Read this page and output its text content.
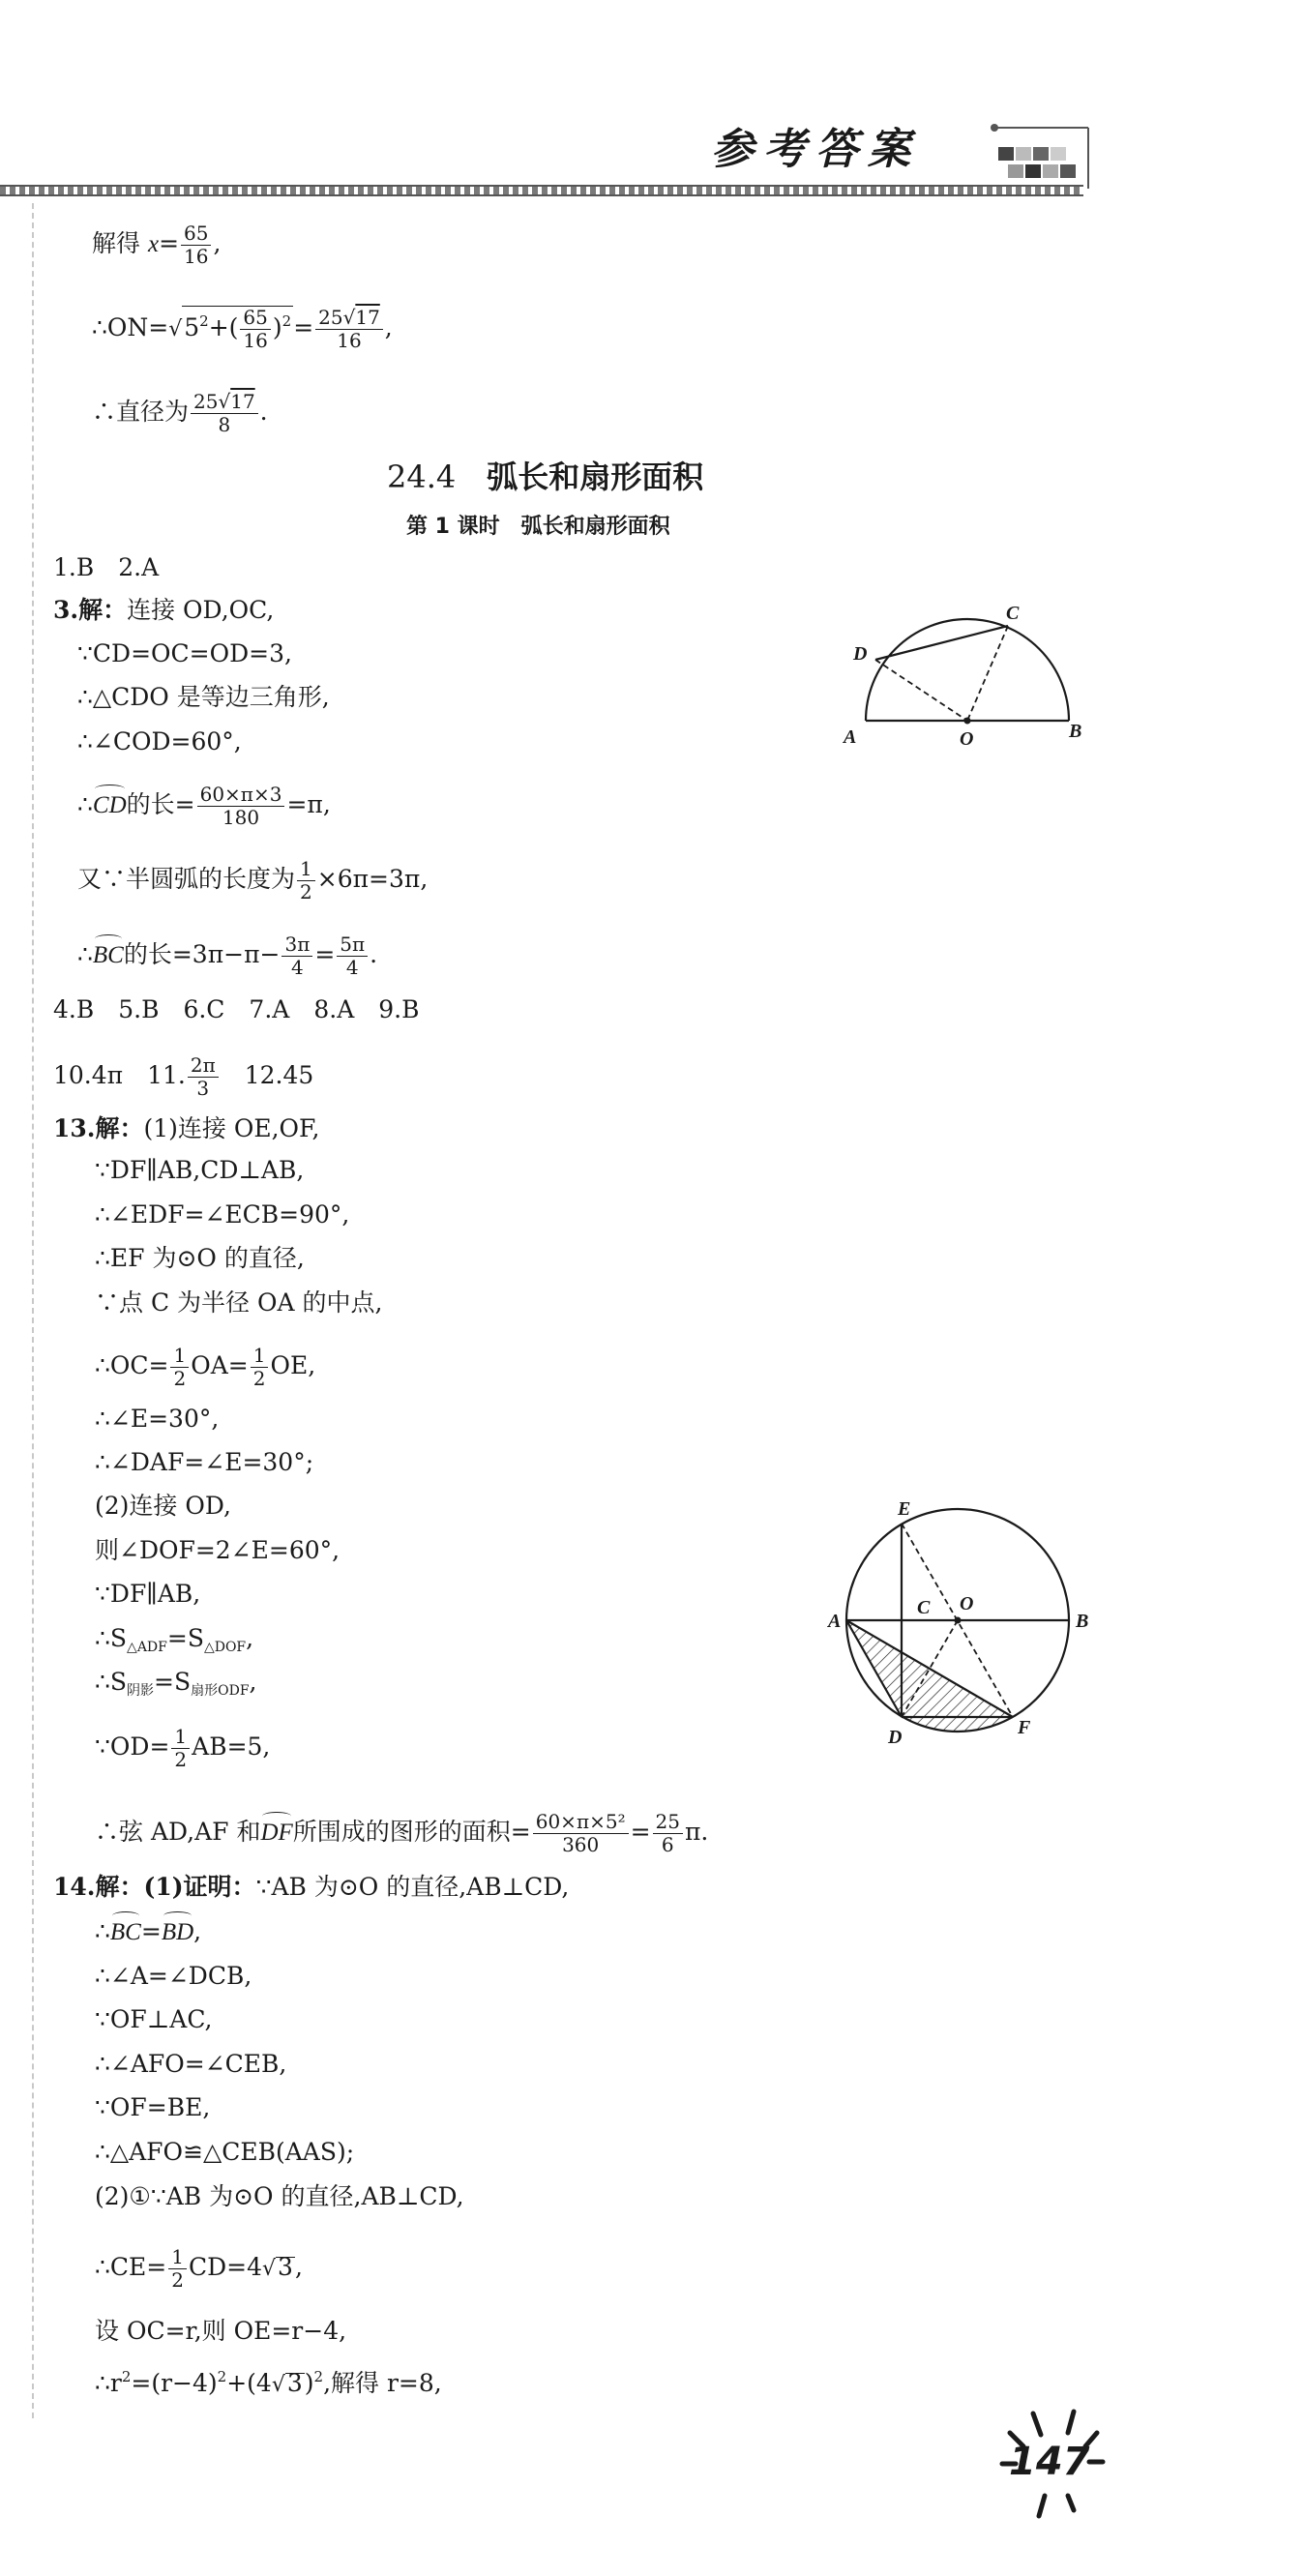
参考答案
解得 $x= \frac{65}{16}$ ,
$\therefore ON=√5^2+( \frac{65}{16} )^2= \frac{25√17}{16}$ ,
∴直径为 $\frac{25√17}{8}$ .
24.4　 弧长和扇形面积
第 1 课时　弧长和扇形面积
1.B　2.A
3.解：连接 OD,OC,
∵CD=OC=OD=3,
∴△CDO 是等边三角形,
∴∠COD=60°,
∴CD的长= $\frac{60\times\pi\times 3}{180} =\pi$,
又∵半圆弧的长度为 $\frac{1}{2} \times 6\pi=3\pi$,
∴BC的长$=3\pi-\pi- \frac{3\pi}{4} = \frac{5\pi}{4}$ .
C
D
A	O	B
4.B　5.B　6.C　7.A　8.A　9.B
10.4π　11. $\frac{2\pi}{3}$ 　12.45
13.解：(1)连接 OE,OF,
∵DF∥AB,CD⊥AB,
∴∠EDF=∠ECB=90°,
∴EF 为⊙O 的直径,
∵点 C 为半径 OA 的中点,
∴OC= $\frac{1}{2} OA= \frac{1}{2}$ OE,
∴∠E=30°,
∴∠DAF=∠E=30°;
(2)连接 OD,
则∠DOF=2∠E=60°,
∵DF∥AB,
$\therefore S_{\triangle ADF}=S_{\triangle DOF}$,
$\therefore S_{阴影}=S_{扇形ODF}$,
∵OD= $\frac{1}{2} AB=5$,
∴弦 AD,AF 和DF所围成的图形的面积= $\frac{\text{60×π×5²}}{360} = \frac{25}{6} \pi$.
E
C O
A	B
D	F
14.解：(1)证明：∵AB 为⊙O 的直径,AB⊥CD,
∴BC=BD,
∴∠A=∠DCB,
∵OF⊥AC,
∴∠AFO=∠CEB,
∵OF=BE,
∴△AFO≌△CEB(AAS);
(2)①∵AB 为⊙O 的直径,AB⊥CD,
∴CE= $\frac{1}{2} CD=4√3$,
设 OC=r,则 OE=r−4,
$\therefore r^2=(r-4)^2+(4√3)^2$,解得 r=8,
147
